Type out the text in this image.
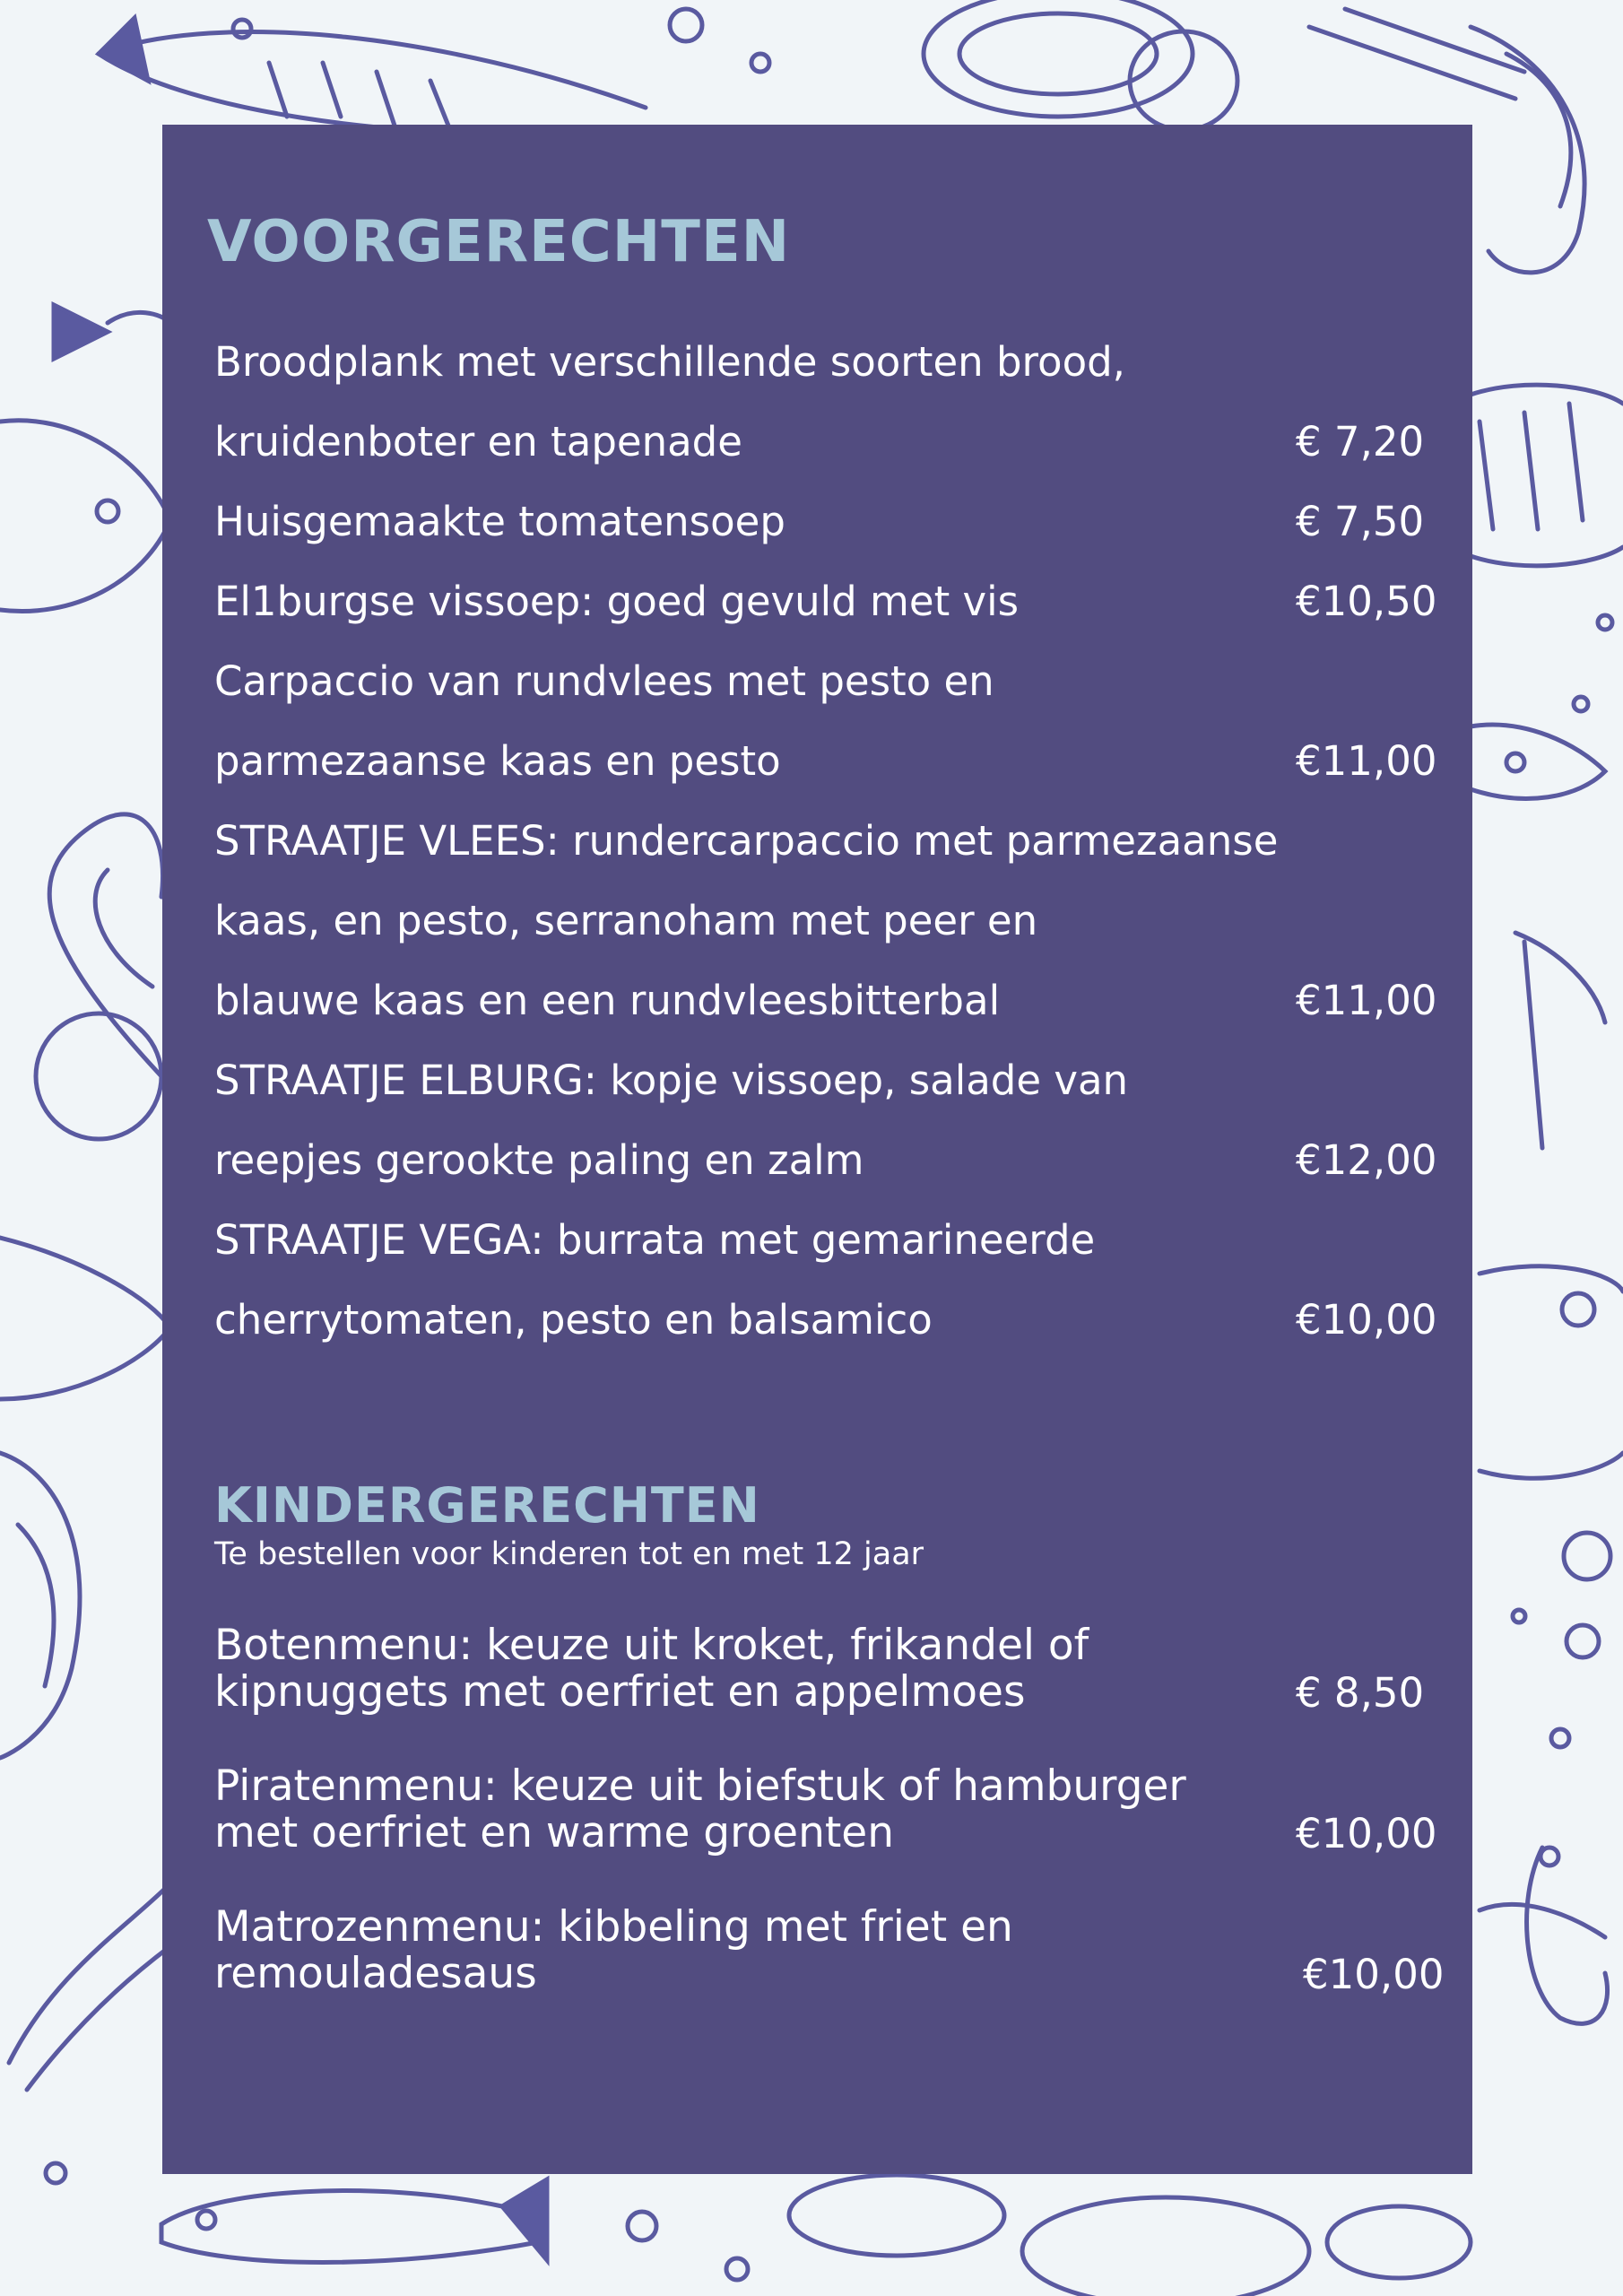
VOORGERECHTEN
Broodplank met verschillende soorten brood,
kruidenboter en tapenade	€ 7,20
Huisgemaakte tomatensoep	€ 7,50
El1burgse vissoep: goed gevuld met vis	€10,50
Carpaccio van rundvlees met pesto en
parmezaanse kaas en pesto	€11,00
STRAATJE VLEES: rundercarpaccio met parmezaanse
kaas, en pesto, serranoham met peer en
blauwe kaas en een rundvleesbitterbal	€11,00
STRAATJE ELBURG: kopje vissoep, salade van
reepjes gerookte paling en zalm	€12,00
STRAATJE VEGA: burrata met gemarineerde
cherrytomaten, pesto en balsamico	€10,00
KINDERGERECHTEN
Te bestellen voor kinderen tot en met 12 jaar
Botenmenu: keuze uit kroket, frikandel of
kipnuggets met oerfriet en appelmoes	€ 8,50
Piratenmenu: keuze uit biefstuk of hamburger
met oerfriet en warme groenten	€10,00
Matrozenmenu: kibbeling met friet en
remouladesaus	€10,00
